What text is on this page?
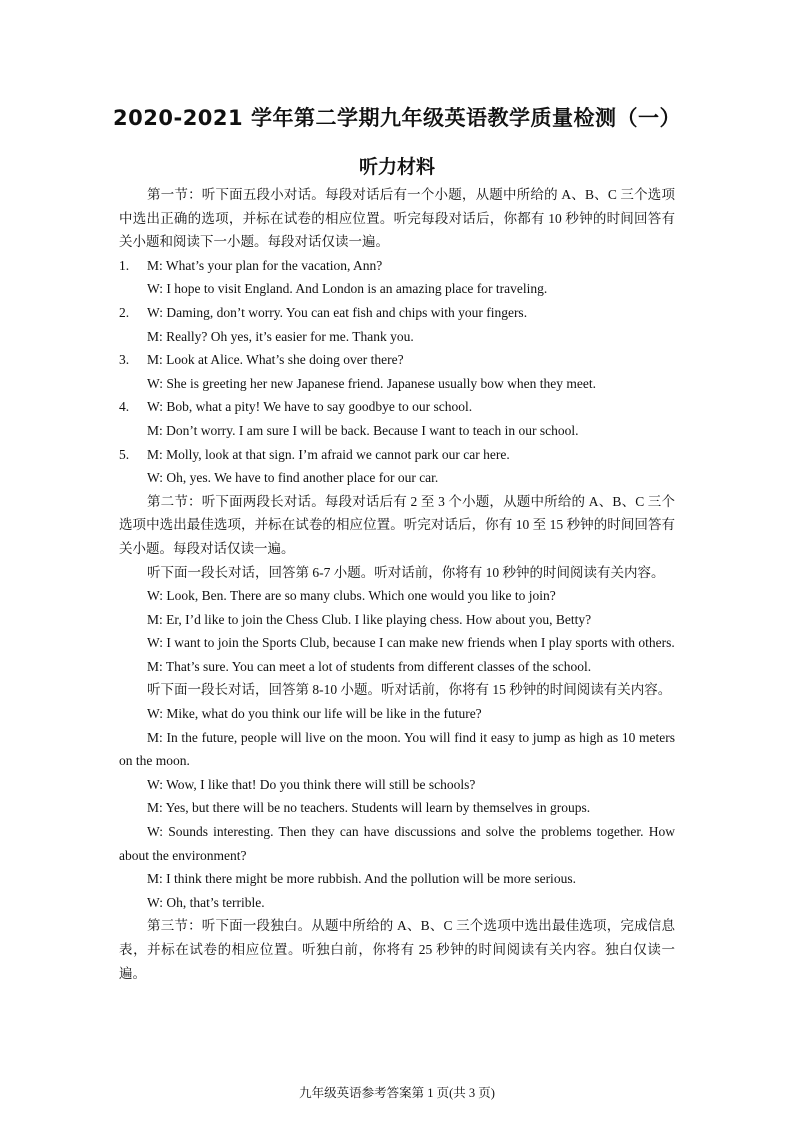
2020-2021 学年第二学期九年级英语教学质量检测（一）
听力材料

第一节：听下面五段小对话。每段对话后有一个小题，从题中所给的 A、B、C 三个选项中选出正确的选项，并标在试卷的相应位置。听完每段对话后，你都有 10 秒钟的时间回答有关小题和阅读下一小题。每段对话仅读一遍。

1. M: What’s your plan for the vacation, Ann?

W: I hope to visit England. And London is an amazing place for traveling.

2. W: Daming, don’t worry. You can eat fish and chips with your fingers.

M: Really? Oh yes, it’s easier for me. Thank you.

3. M: Look at Alice. What’s she doing over there?

W: She is greeting her new Japanese friend. Japanese usually bow when they meet.

4. W: Bob, what a pity! We have to say goodbye to our school.

M: Don’t worry. I am sure I will be back. Because I want to teach in our school.

5. M: Molly, look at that sign. I’m afraid we cannot park our car here.

W: Oh, yes. We have to find another place for our car.

第二节：听下面两段长对话。每段对话后有 2 至 3 个小题，从题中所给的 A、B、C 三个选项中选出最佳选项，并标在试卷的相应位置。听完对话后，你有 10 至 15 秒钟的时间回答有关小题。每段对话仅读一遍。

听下面一段长对话，回答第 6-7 小题。听对话前，你将有 10 秒钟的时间阅读有关内容。

W: Look, Ben. There are so many clubs. Which one would you like to join?

M: Er, I’d like to join the Chess Club. I like playing chess. How about you, Betty?

W: I want to join the Sports Club, because I can make new friends when I play sports with others.

M: That’s sure. You can meet a lot of students from different classes of the school.

听下面一段长对话，回答第 8-10 小题。听对话前，你将有 15 秒钟的时间阅读有关内容。

W: Mike, what do you think our life will be like in the future?

M: In the future, people will live on the moon. You will find it easy to jump as high as 10 meters on the moon.

W: Wow, I like that! Do you think there will still be schools?

M: Yes, but there will be no teachers. Students will learn by themselves in groups.

W: Sounds interesting. Then they can have discussions and solve the problems together. How about the environment?

M: I think there might be more rubbish. And the pollution will be more serious.

W: Oh, that’s terrible.

第三节：听下面一段独白。从题中所给的 A、B、C 三个选项中选出最佳选项，完成信息表，并标在试卷的相应位置。听独白前，你将有 25 秒钟的时间阅读有关内容。独白仅读一遍。

九年级英语参考答案第 1 页(共 3 页)
